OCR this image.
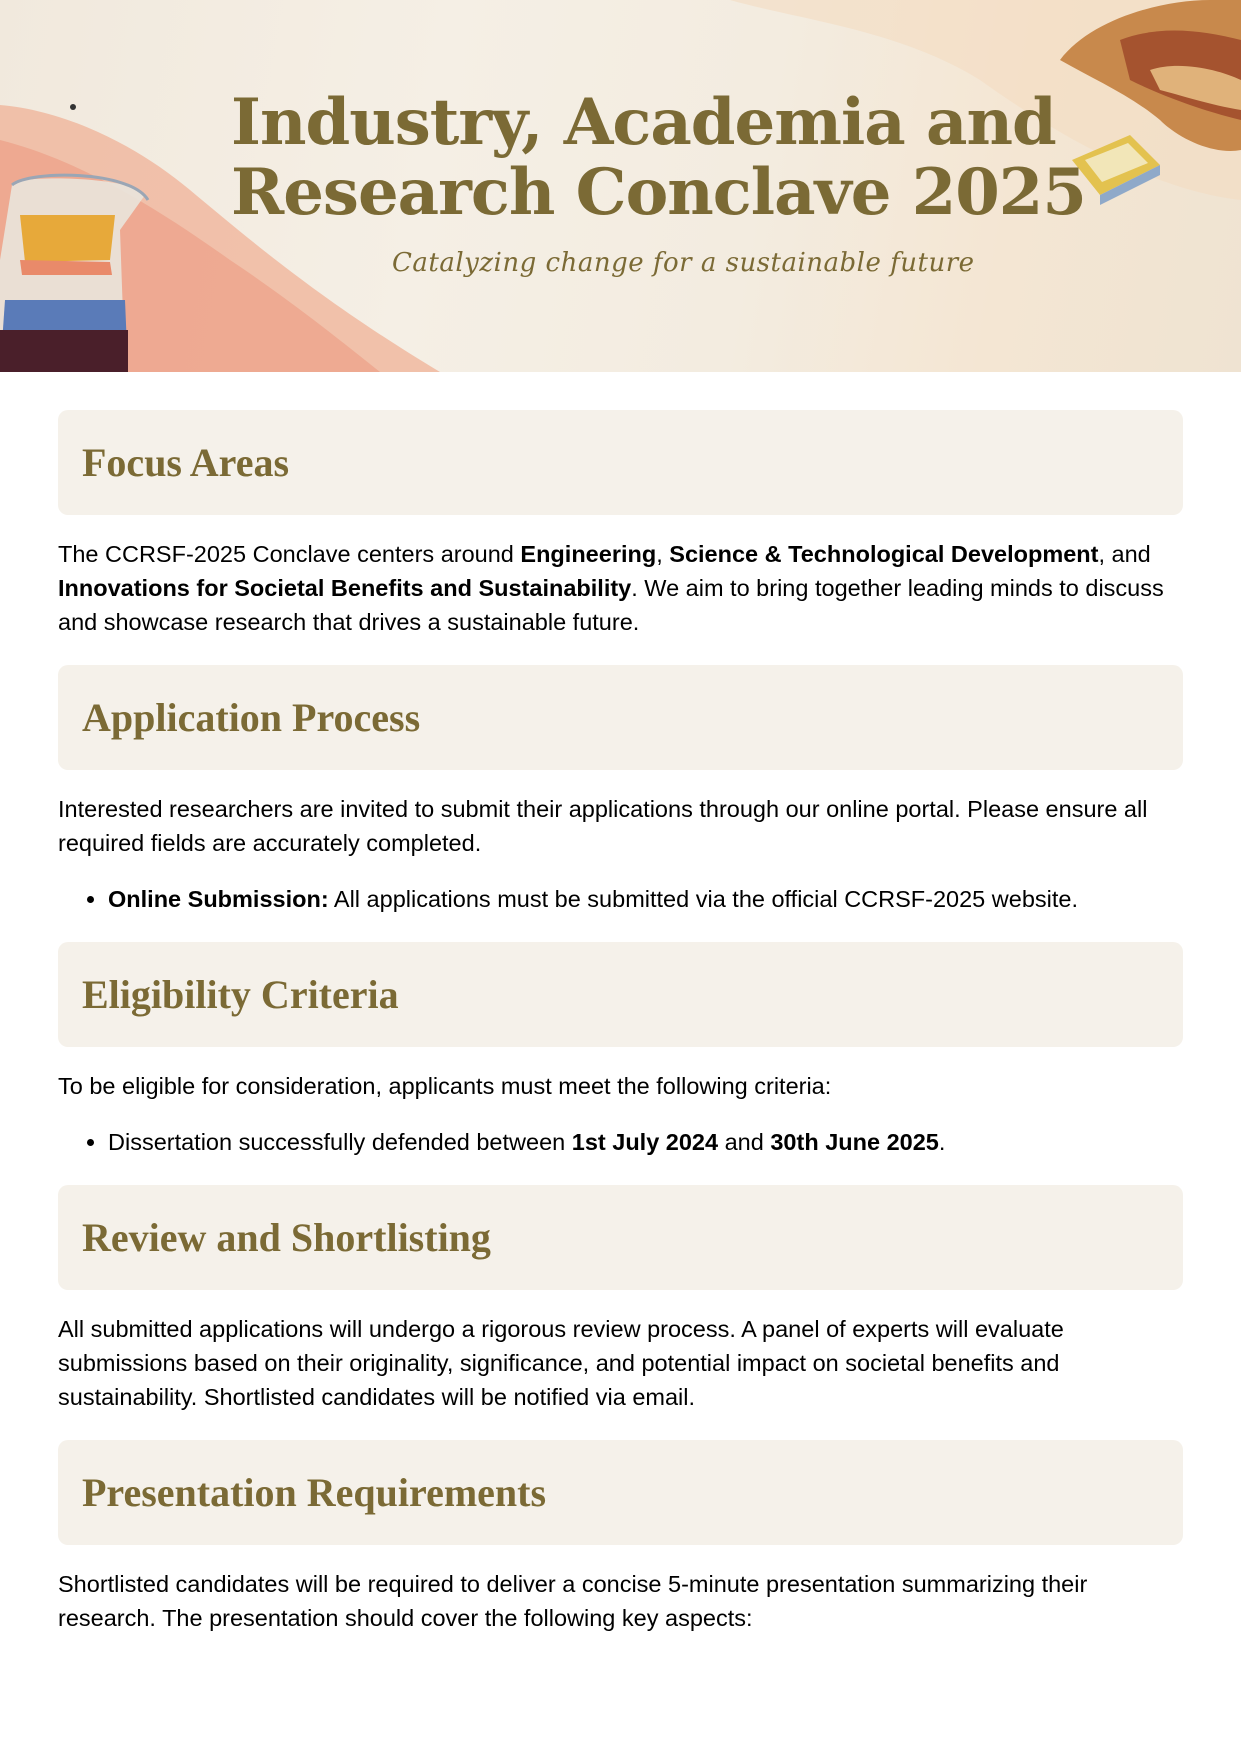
Industry, Academia and
Research Conclave 2025

Catalyzing change for a sustainable future

Focus Areas

The CCRSF-2025 Conclave centers around Engineering, Science & Technological Development, and Innovations for Societal Benefits and Sustainability. We aim to bring together leading minds to discuss and showcase research that drives a sustainable future.

Application Process

Interested researchers are invited to submit their applications through our online portal. Please ensure all required fields are accurately completed.

• Online Submission: All applications must be submitted via the official CCRSF-2025 website.
Eligibility Criteria

To be eligible for consideration, applicants must meet the following criteria:

• Dissertation successfully defended between 1st July 2024 and 30th June 2025.
Review and Shortlisting

All submitted applications will undergo a rigorous review process. A panel of experts will evaluate submissions based on their originality, significance, and potential impact on societal benefits and sustainability. Shortlisted candidates will be notified via email.

Presentation Requirements

Shortlisted candidates will be required to deliver a concise 5-minute presentation summarizing their research. The presentation should cover the following key aspects:
